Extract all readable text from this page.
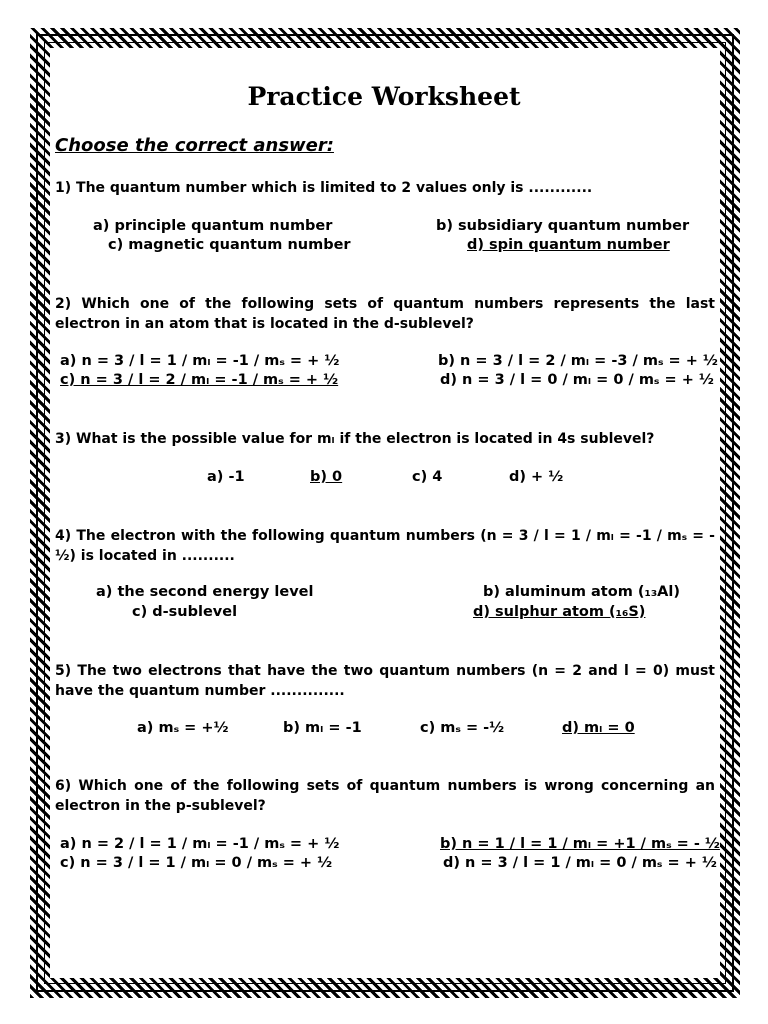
Practice Worksheet
Choose the correct answer:
1) The quantum number which is limited to 2 values only is ............
a) principle quantum number	b) subsidiary quantum number
c) magnetic quantum number	d) spin quantum number
2) Which one of the following sets of quantum numbers represents the last electron in an atom that is located in the d-sublevel?
a) n = 3 / l = 1 / mₗ = -1 / mₛ = + ½	b) n = 3 / l = 2 / mₗ = -3 / mₛ = + ½
c) n = 3 / l = 2 / mₗ = -1 / mₛ = + ½	d) n = 3 / l = 0 / mₗ = 0 / mₛ = + ½
3) What is the possible value for mₗ if the electron is located in 4s sublevel?
a) -1	b) 0	c) 4	d) + ½
4) The electron with the following quantum numbers (n = 3 / l = 1 / mₗ = -1 / mₛ = - ½) is located in ..........
a) the second energy level	b) aluminum atom (₁₃Al)
c) d-sublevel	d) sulphur atom (₁₆S)
5) The two electrons that have the two quantum numbers (n = 2 and l = 0) must have the quantum number ..............
a) mₛ = +½	b) mₗ = -1	c) mₛ = -½	d) mₗ = 0
6) Which one of the following sets of quantum numbers is wrong concerning an electron in the p-sublevel?
a) n = 2 / l = 1 / mₗ = -1 / mₛ = + ½	b) n = 1 / l = 1 / mₗ = +1 / mₛ = - ½
c) n = 3 / l = 1 / mₗ = 0 / mₛ = + ½	d) n = 3 / l = 1 / mₗ = 0 / mₛ = + ½
